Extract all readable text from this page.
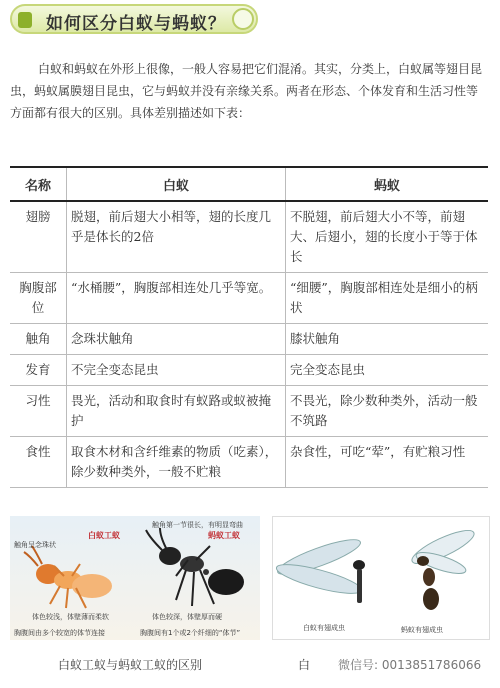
如何区分白蚁与蚂蚁？

白蚁和蚂蚁在外形上很像，一般人容易把它们混淆。其实，分类上，白蚁属等翅目昆虫，蚂蚁属膜翅目昆虫，它与蚂蚁并没有亲缘关系。两者在形态、个体发育和生活习性等方面都有很大的区别。具体差别描述如下表：

名称	白蚁	蚂蚁
翅膀	脱翅，前后翅大小相等，翅的长度几乎是体长的2倍	不脱翅，前后翅大小不等，前翅大、后翅小，翅的长度小于等于体长
胸腹部位	“水桶腰”，胸腹部相连处几乎等宽。	“细腰”，胸腹部相连处是细小的柄状
触角	念珠状触角	膝状触角
发育	不完全变态昆虫	完全变态昆虫
习性	畏光，活动和取食时有蚁路或蚁被掩护	不畏光，除少数种类外，活动一般不筑路
食性	取食木材和含纤维素的物质（吃素），除少数种类外，一般不贮粮	杂食性，可吃“荤”，有贮粮习性
白蚁工蚁
触角呈念珠状
体色较浅，体壁薄而柔软
胸腹间由多个较宽的体节连接
触角第一节很长，有明显弯曲
蚂蚁工蚁
体色较深，体壁厚而硬
胸腹间有1个或2个纤细的“体节”
白蚁有翅成虫	蚂蚁有翅成虫
白蚁工蚁与蚂蚁工蚁的区别	白 微信号: 0013851786066
